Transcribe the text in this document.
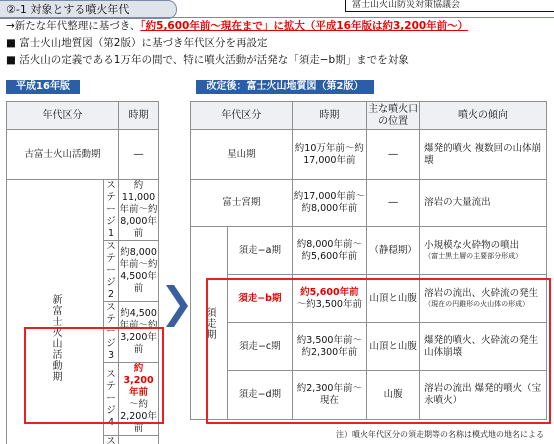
富士山火山防災対策協議会
②-1 対象とする噴火年代
→新たな年代整理に基づき、「約5,600年前～現在まで」に拡大（平成16年版は約3,200年前～）
■ 富士火山地質図（第2版）に基づき年代区分を再設定
■ 活火山の定義である1万年の間で、特に噴火活動が活発な「須走−b期」までを対象
平成16年版	改定後：富士火山地質図（第2版）
年代区分		時期
古富士火山活動期		―
新富士火山活動期	ステージ1	約11,000年前～約8,000年前
	ステージ2	約8,000年前～約4,500年前
	ステージ3	約4,500年前～約3,200年前
	ステージ4	約3,200年前
～約2,200年前
	ス	
年代区分		時期	主な噴火口の位置	噴火の傾向
星山期		約10万年前～約17,000年前	―	爆発的噴火 複数回の山体崩壊
富士宮期		約17,000年前～約8,000年前	―	溶岩の大量流出
須走期	須走−a期	約8,000年前～約5,600年前	（静穏期）	小規模な火砕物の噴出
（富士黒土層の主要部分形成）

	須走−b期	約5,600年前
～約3,500年前	山頂と山腹	溶岩の流出、火砕流の発生
（現在の円錐形の火山体の形成）

	須走−c期	約3,500年前～約2,300年前	山頂と山腹	爆発的噴火、火砕流の発生 山体崩壊
	須走−d期	約2,300年前～現在	山腹	溶岩の流出 爆発的噴火（宝永噴火）
注）噴火年代区分の須走期等の名称は模式地の地名による
